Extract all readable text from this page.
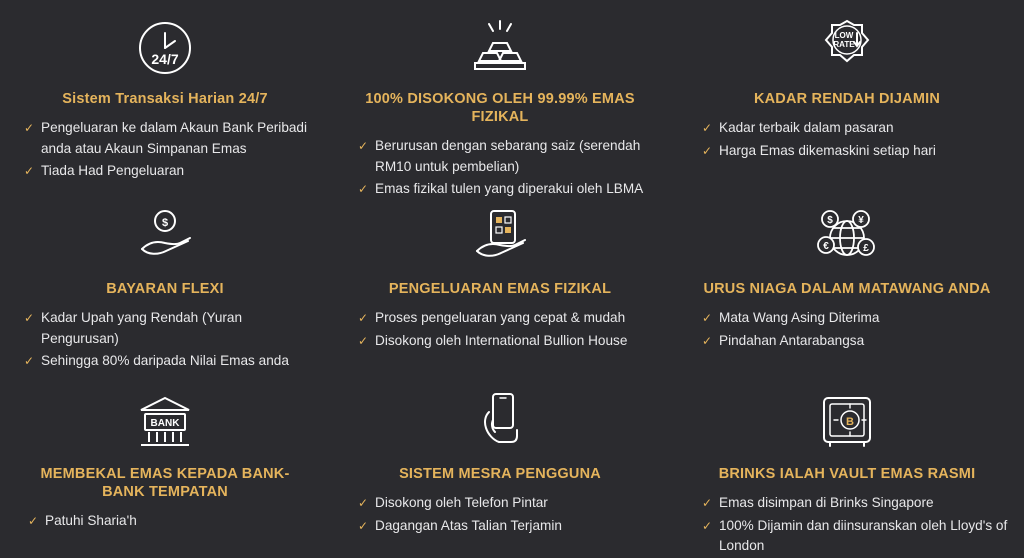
24/7
Sistem Transaksi Harian 24/7
✓ Pengeluaran ke dalam Akaun Bank Peribadi anda atau Akaun Simpanan Emas
✓ Tiada Had Pengeluaran
100% DISOKONG OLEH 99.99% EMAS FIZIKAL
✓ Berurusan dengan sebarang saiz (serendah RM10 untuk pembelian)
✓ Emas fizikal tulen yang diperakui oleh LBMA
LOW
RATE
KADAR RENDAH DIJAMIN
✓ Kadar terbaik dalam pasaran
✓ Harga Emas dikemaskini setiap hari
$
BAYARAN FLEXI
✓ Kadar Upah yang Rendah (Yuran Pengurusan)
✓ Sehingga 80% daripada Nilai Emas anda
PENGELUARAN EMAS FIZIKAL
✓ Proses pengeluaran yang cepat & mudah
✓ Disokong oleh International Bullion House
$	¥
€	£
URUS NIAGA DALAM MATAWANG ANDA
✓ Mata Wang Asing Diterima
✓ Pindahan Antarabangsa
BANK
MEMBEKAL EMAS KEPADA BANK-BANK TEMPATAN
✓ Patuhi Sharia'h
SISTEM MESRA PENGGUNA
✓ Disokong oleh Telefon Pintar
✓ Dagangan Atas Talian Terjamin
B
BRINKS IALAH VAULT EMAS RASMI
✓ Emas disimpan di Brinks Singapore
✓ 100% Dijamin dan diinsuranskan oleh Lloyd's of London
